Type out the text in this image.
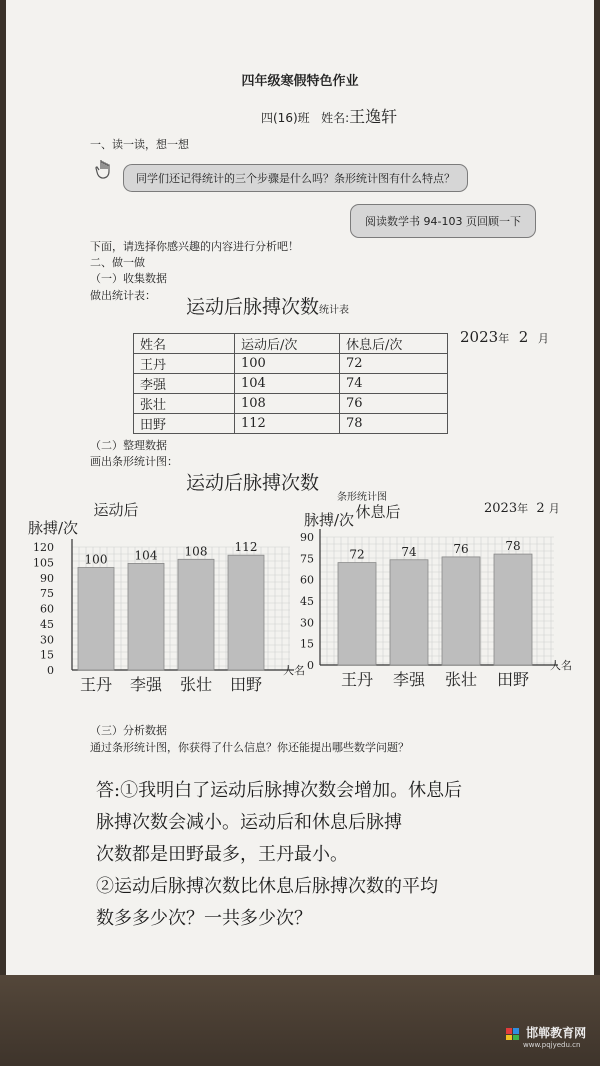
四年级寒假特色作业
四(16)班 姓名:王逸轩
一、读一读，想一想
同学们还记得统计的三个步骤是什么吗？条形统计图有什么特点？
阅读数学书 94-103 页回顾一下
下面，请选择你感兴趣的内容进行分析吧！
二、做一做
（一）收集数据
做出统计表：
运动后脉搏次数统计表
2023年 2 月
姓名	运动后/次	休息后/次
王丹	100	72
李强	104	74
张壮	108	76
田野	112	78
（二）整理数据
画出条形统计图：
运动后脉搏次数
条形统计图
2023年 2 月
0
15
30
45
60
75
90
105
120
100
王丹
104
李强
108
张壮
112
田野
运动后
脉搏/次
人名 0
15
30
45
60
75
90
72
王丹
74
李强
76
张壮
78
田野
休息后
脉搏/次
人名
（三）分析数据
通过条形统计图，你获得了什么信息？你还能提出哪些数学问题？
答:①我明白了运动后脉搏次数会增加。休息后
脉搏次数会减小。运动后和休息后脉搏
次数都是田野最多，王丹最小。
②运动后脉搏次数比休息后脉搏次数的平均
数多多少次？一共多少次？
邯郸教育网
www.pqjyedu.cn
